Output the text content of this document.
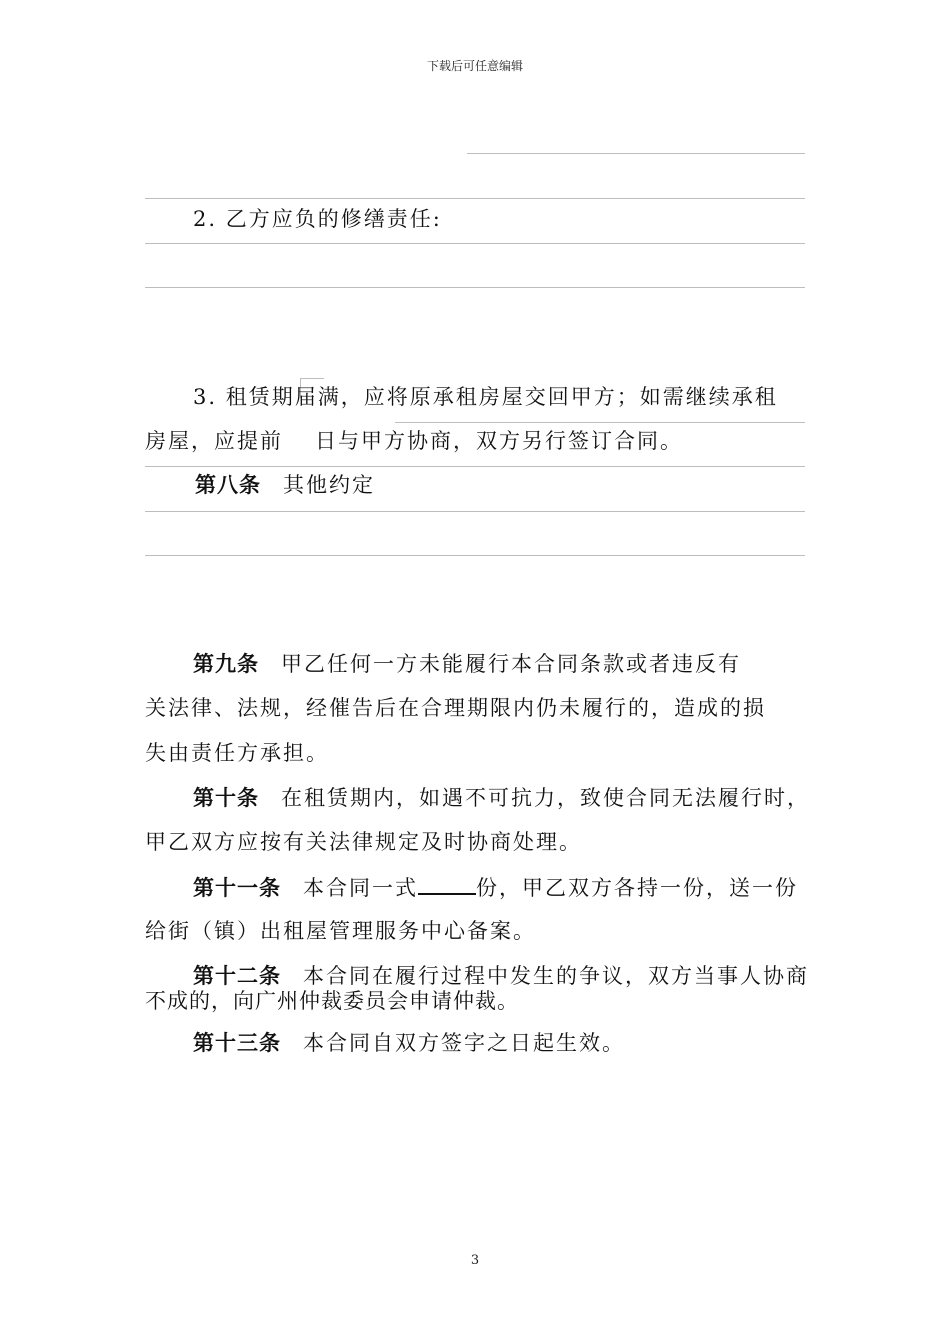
下载后可任意编辑
2. 乙方应负的修缮责任:
3. 租赁期届满，应将原承租房屋交回甲方；如需继续承租
房屋，应提前 日与甲方协商，双方另行签订合同。
第八条 其他约定
第九条 甲乙任何一方未能履行本合同条款或者违反有
关法律、法规，经催告后在合理期限内仍未履行的，造成的损
失由责任方承担。
第十条 在租赁期内，如遇不可抗力，致使合同无法履行时，
甲乙双方应按有关法律规定及时协商处理。
第十一条 本合同一式	份，甲乙双方各持一份，送一份
给街（镇）出租屋管理服务中心备案。
第十二条 本合同在履行过程中发生的争议，双方当事人协商
不成的，向广州仲裁委员会申请仲裁。
第十三条 本合同自双方签字之日起生效。
3
